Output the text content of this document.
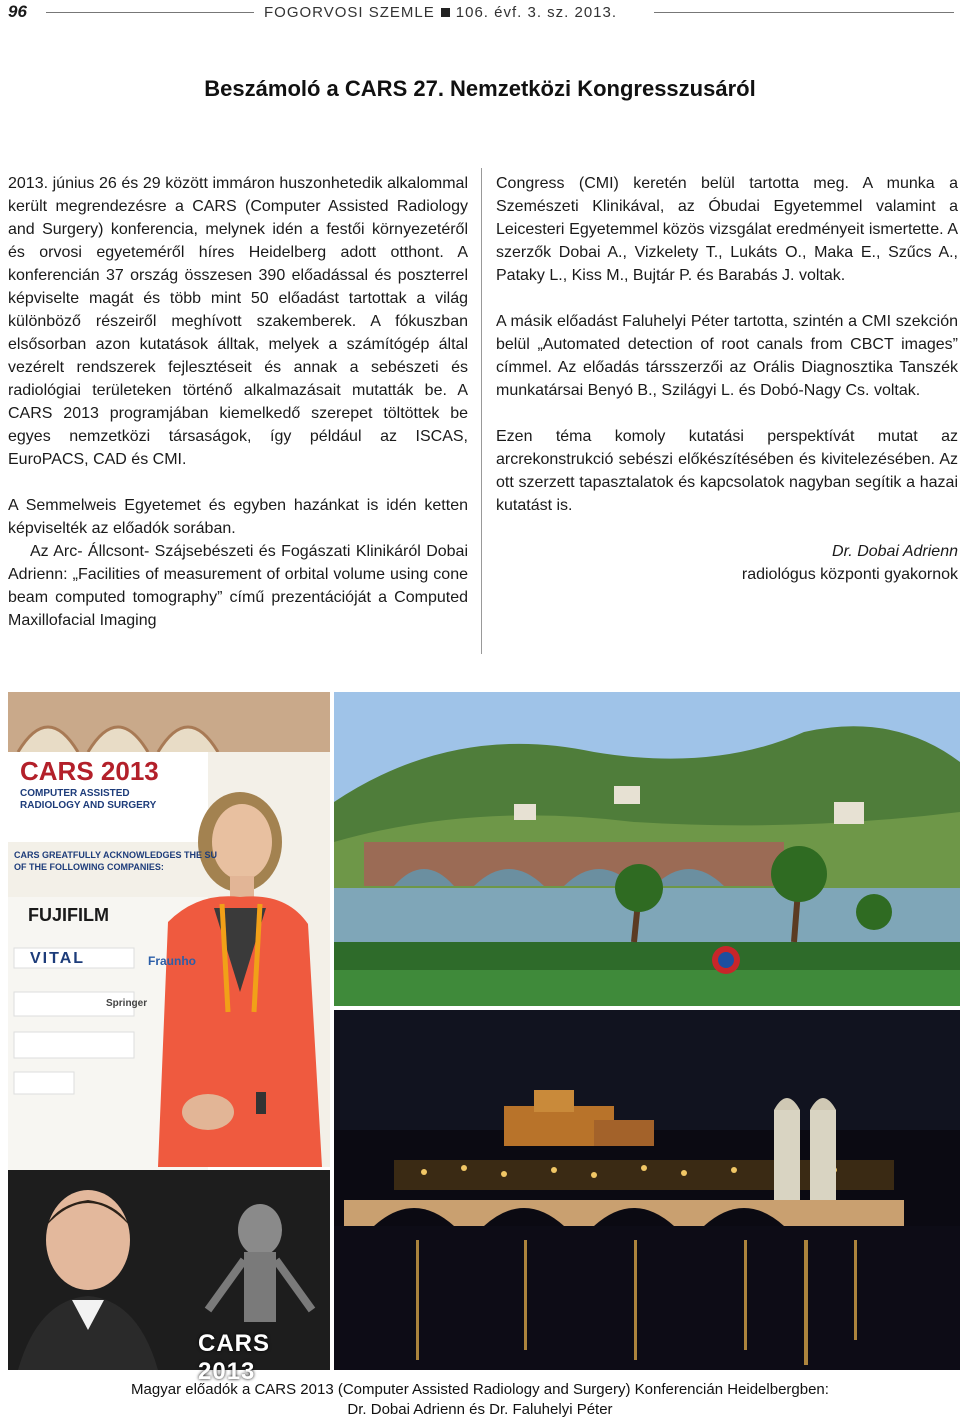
96	FOGORVOSI SZEMLE 106. évf. 3. sz. 2013.
Beszámoló a CARS 27. Nemzetközi Kongresszusáról

2013. június 26 és 29 között immáron huszonhetedik alkalommal került megrendezésre a CARS (Computer Assisted Radiology and Surgery) konferencia, melynek idén a festői környezetéről és orvosi egyeteméről híres Heidelberg adott otthont. A konferencián 37 ország összesen 390 előadással és poszterrel képviselte magát és több mint 50 előadást tartottak a világ különböző részeiről meghívott szakemberek. A fókuszban elsősorban azon kutatások álltak, melyek a számítógép által vezérelt rendszerek fejlesztéseit és annak a sebészeti és radiológiai területeken történő alkalmazásait mutatták be. A CARS 2013 programjában kiemelkedő szerepet töltöttek be egyes nemzetközi társaságok, így például az ISCAS, EuroPACS, CAD és CMI.

A Semmelweis Egyetemet és egyben hazánkat is idén ketten képviselték az előadók sorában.

Az Arc- Állcsont- Szájsebészeti és Fogászati Klinikáról Dobai Adrienn: „Facilities of measurement of orbital volume using cone beam computed tomography” című prezentációját a Computed Maxillofacial Imaging

Congress (CMI) keretén belül tartotta meg. A munka a Szemészeti Klinikával, az Óbudai Egyetemmel valamint a Leicesteri Egyetemmel közös vizsgálat eredményeit ismertette. A szerzők Dobai A., Vizkelety T., Lukáts O., Maka E., Szűcs A., Pataky L., Kiss M., Bujtár P. és Barabás J. voltak.

A másik előadást Faluhelyi Péter tartotta, szintén a CMI szekción belül „Automated detection of root canals from CBCT images” címmel. Az előadás társszerzői az Orális Diagnosztika Tanszék munkatársai Benyó B., Szilágyi L. és Dobó-Nagy Cs. voltak.

Ezen téma komoly kutatási perspektívát mutat az arcrekonstrukció sebészi előkészítésében és kivitelezésében. Az ott szerzett tapasztalatok és kapcsolatok nagyban segítik a hazai kutatást is.

Dr. Dobai Adrienn
radiológus központi gyakornok
CARS 2013
COMPUTER ASSISTED
RADIOLOGY AND SURGERY
CARS GREATFULLY ACKNOWLEDGES THE SU
OF THE FOLLOWING COMPANIES:
FUJIFILM
VITAL	Fraunho
Springer
CARS 2013
Magyar előadók a CARS 2013 (Computer Assisted Radiology and Surgery) Konferencián Heidelbergben:
Dr. Dobai Adrienn és Dr. Faluhelyi Péter
